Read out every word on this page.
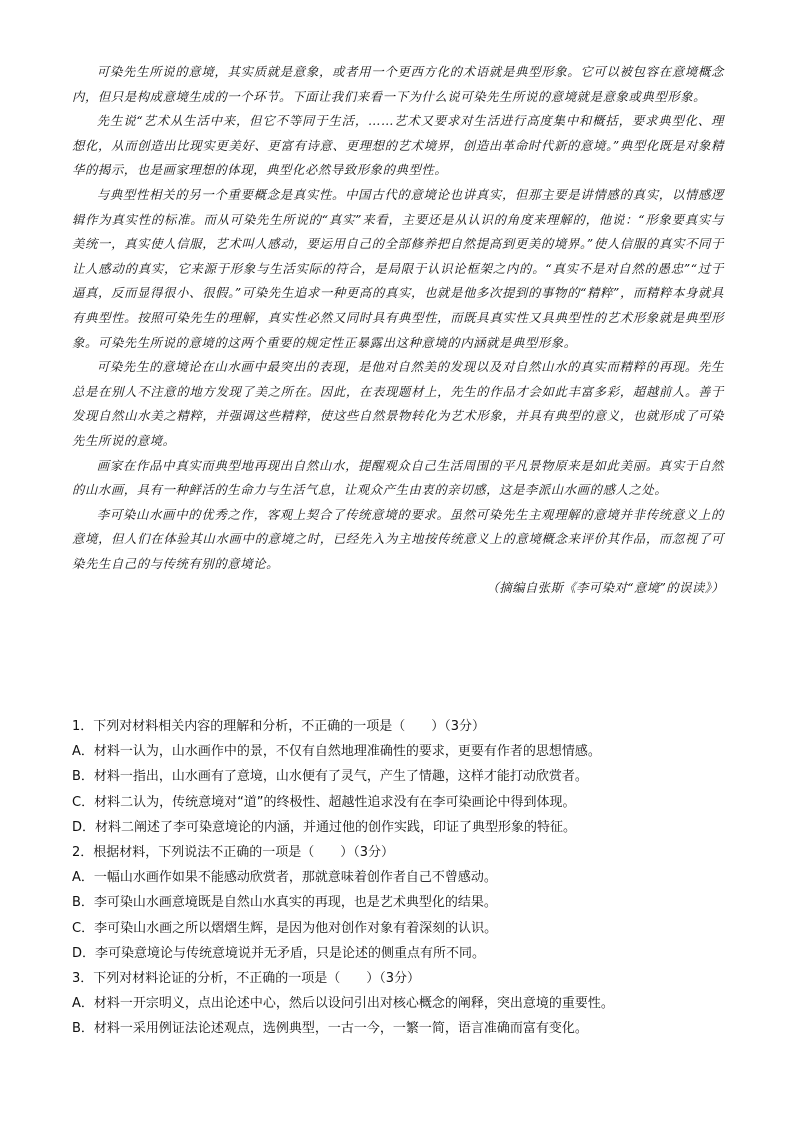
可染先生所说的意境，其实质就是意象，或者用一个更西方化的术语就是典型形象。它可以被包容在意境概念内，但只是构成意境生成的一个环节。下面让我们来看一下为什么说可染先生所说的意境就是意象或典型形象。

先生说“艺术从生活中来，但它不等同于生活，……艺术又要求对生活进行高度集中和概括，要求典型化、理想化，从而创造出比现实更美好、更富有诗意、更理想的艺术境界，创造出革命时代新的意境。”典型化既是对象精华的揭示，也是画家理想的体现，典型化必然导致形象的典型性。

与典型性相关的另一个重要概念是真实性。中国古代的意境论也讲真实，但那主要是讲情感的真实，以情感逻辑作为真实性的标准。而从可染先生所说的“真实”来看，主要还是从认识的角度来理解的，他说：“形象要真实与美统一，真实使人信服，艺术叫人感动，要运用自己的全部修养把自然提高到更美的境界。”使人信服的真实不同于让人感动的真实，它来源于形象与生活实际的符合，是局限于认识论框架之内的。“真实不是对自然的愚忠”“过于逼真，反而显得很小、很假。”可染先生追求一种更高的真实，也就是他多次提到的事物的“精粹”，而精粹本身就具有典型性。按照可染先生的理解，真实性必然又同时具有典型性，而既具真实性又具典型性的艺术形象就是典型形象。可染先生所说的意境的这两个重要的规定性正暴露出这种意境的内涵就是典型形象。

可染先生的意境论在山水画中最突出的表现，是他对自然美的发现以及对自然山水的真实而精粹的再现。先生总是在别人不注意的地方发现了美之所在。因此，在表现题材上，先生的作品才会如此丰富多彩，超越前人。善于发现自然山水美之精粹，并强调这些精粹，使这些自然景物转化为艺术形象，并具有典型的意义，也就形成了可染先生所说的意境。

画家在作品中真实而典型地再现出自然山水，提醒观众自己生活周围的平凡景物原来是如此美丽。真实于自然的山水画，具有一种鲜活的生命力与生活气息，让观众产生由衷的亲切感，这是李派山水画的感人之处。

李可染山水画中的优秀之作，客观上契合了传统意境的要求。虽然可染先生主观理解的意境并非传统意义上的意境，但人们在体验其山水画中的意境之时，已经先入为主地按传统意义上的意境概念来评价其作品，而忽视了可染先生自己的与传统有别的意境论。

（摘编自张斯《李可染对“意境”的误读》）
1．下列对材料相关内容的理解和分析，不正确的一项是（　　）（3分）
A．材料一认为，山水画作中的景，不仅有自然地理准确性的要求，更要有作者的思想情感。
B．材料一指出，山水画有了意境，山水便有了灵气，产生了情趣，这样才能打动欣赏者。
C．材料二认为，传统意境对“道”的终极性、超越性追求没有在李可染画论中得到体现。
D．材料二阐述了李可染意境论的内涵，并通过他的创作实践，印证了典型形象的特征。
2．根据材料，下列说法不正确的一项是（　　）（3分）
A．一幅山水画作如果不能感动欣赏者，那就意味着创作者自己不曾感动。
B．李可染山水画意境既是自然山水真实的再现，也是艺术典型化的结果。
C．李可染山水画之所以熠熠生辉，是因为他对创作对象有着深刻的认识。
D．李可染意境论与传统意境说并无矛盾，只是论述的侧重点有所不同。
3．下列对材料论证的分析，不正确的一项是（　　）（3分）
A．材料一开宗明义，点出论述中心，然后以设问引出对核心概念的阐释，突出意境的重要性。
B．材料一采用例证法论述观点，选例典型，一古一今，一繁一简，语言准确而富有变化。
